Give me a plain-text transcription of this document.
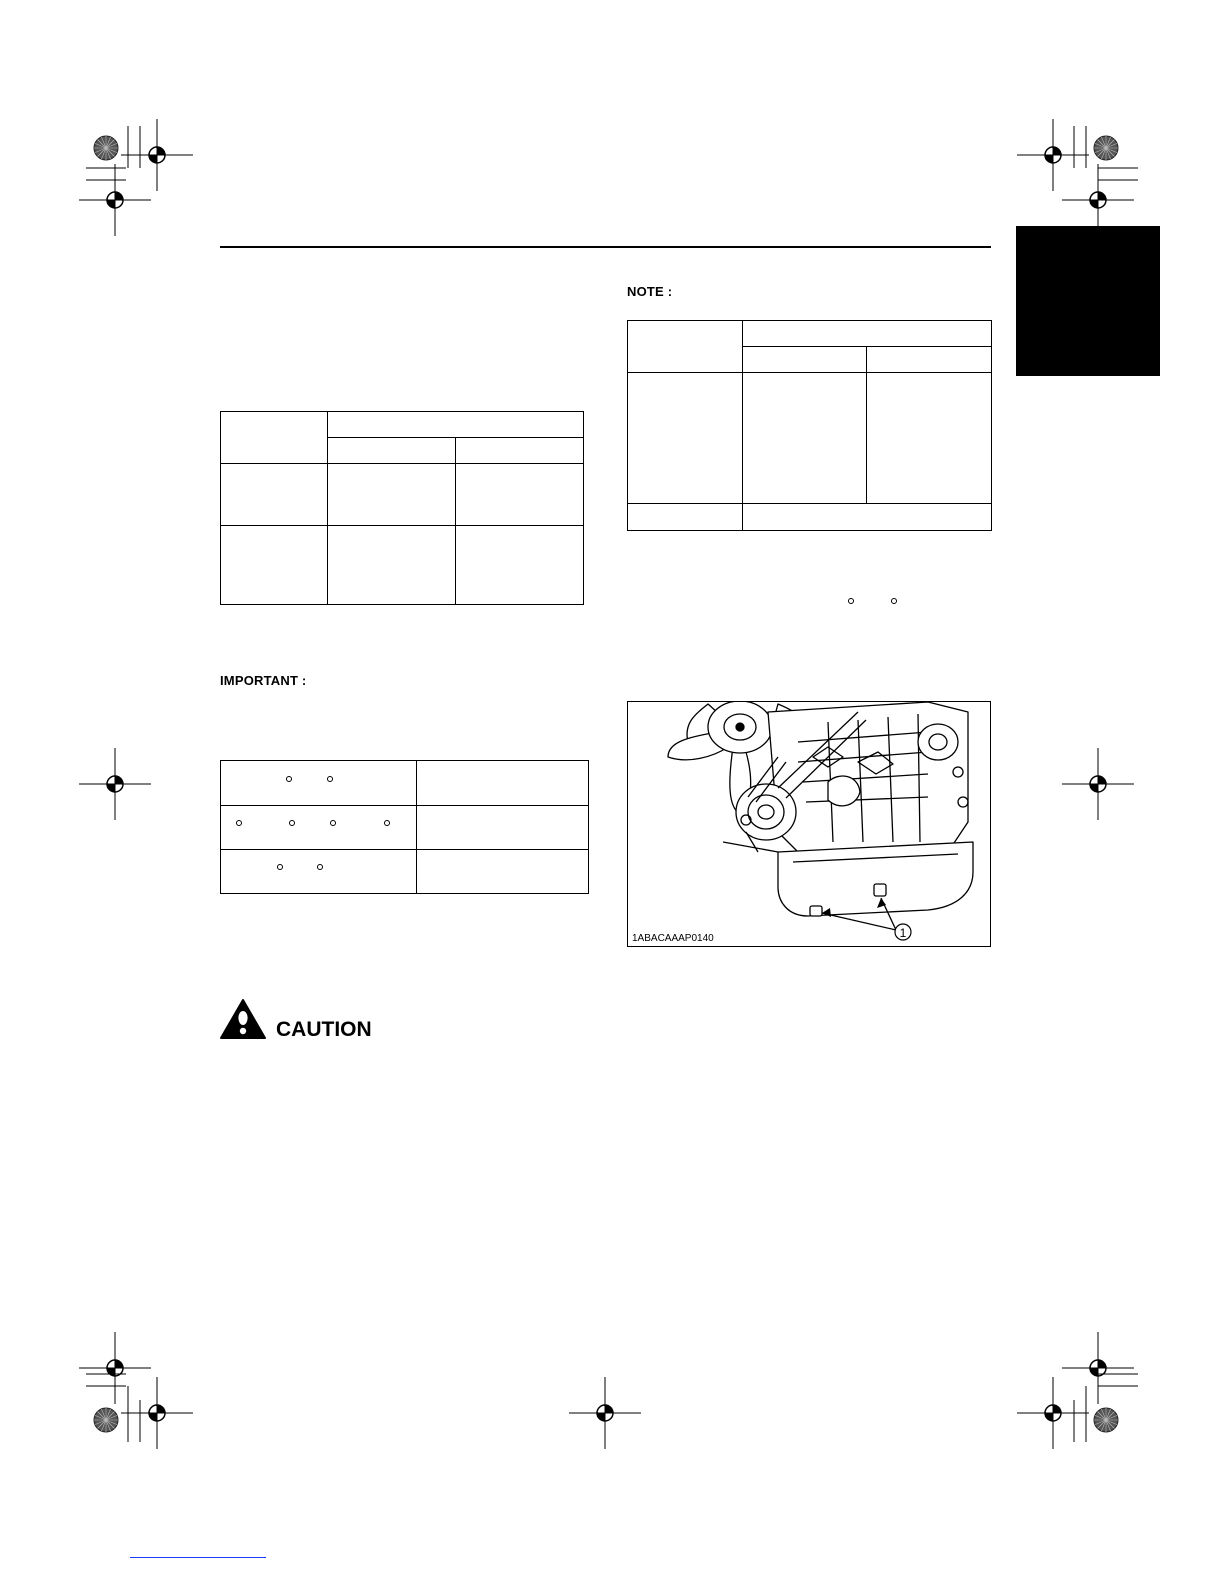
IMPORTANT :

CAUTION
NOTE :

1
1ABACAAAP0140
